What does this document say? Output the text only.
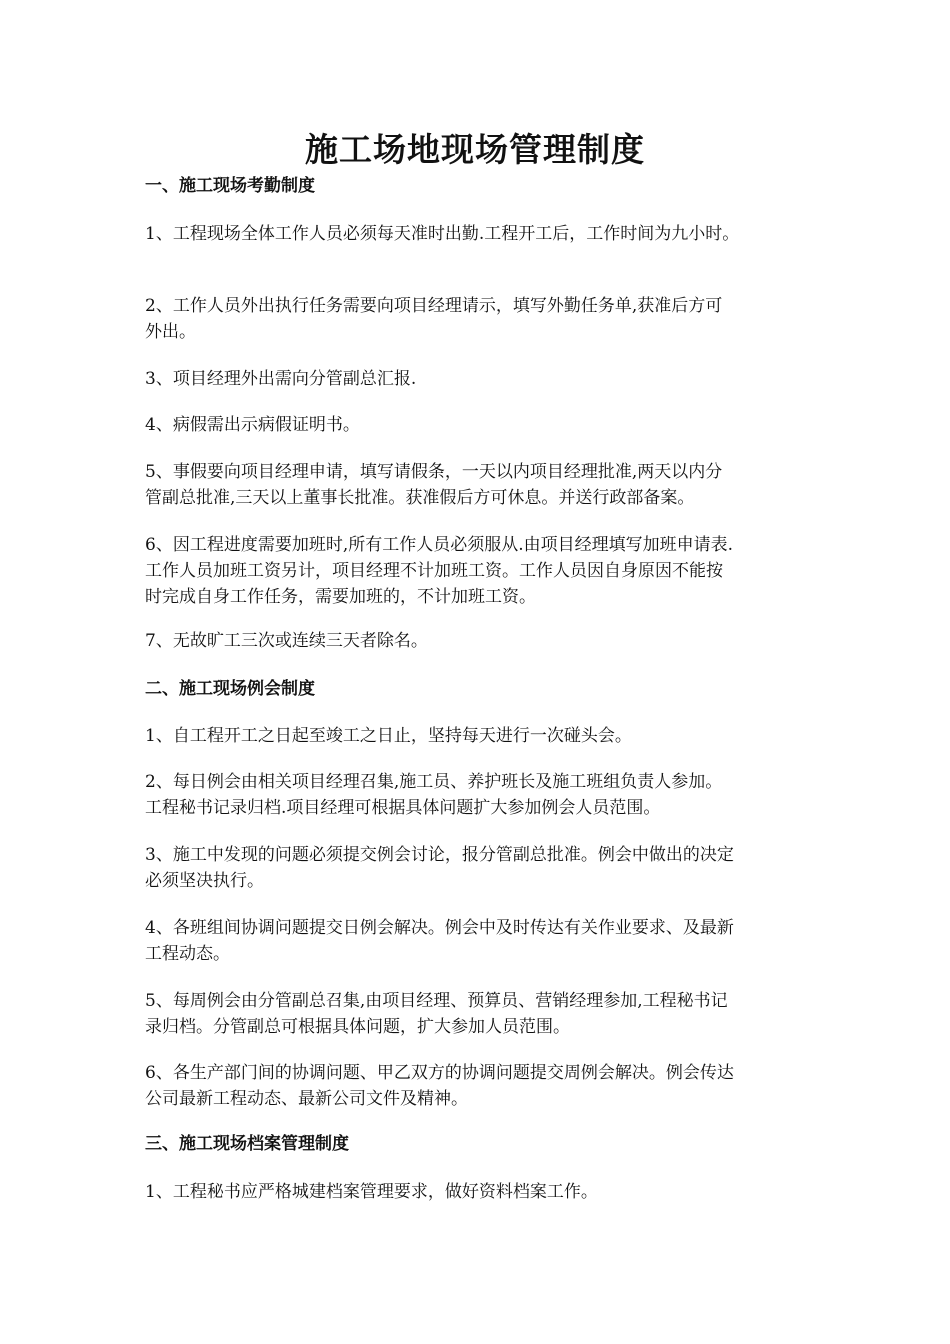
施工场地现场管理制度
一、施工现场考勤制度
1、工程现场全体工作人员必须每天准时出勤.工程开工后，工作时间为九小时。
2、工作人员外出执行任务需要向项目经理请示，填写外勤任务单,获准后方可
外出。
3、项目经理外出需向分管副总汇报.
4、病假需出示病假证明书。
5、事假要向项目经理申请，填写请假条，一天以内项目经理批准,两天以内分
管副总批准,三天以上董事长批准。获准假后方可休息。并送行政部备案。
6、因工程进度需要加班时,所有工作人员必须服从.由项目经理填写加班申请表.
工作人员加班工资另计，项目经理不计加班工资。工作人员因自身原因不能按
时完成自身工作任务，需要加班的，不计加班工资。
7、无故旷工三次或连续三天者除名。
二、施工现场例会制度
1、自工程开工之日起至竣工之日止，坚持每天进行一次碰头会。
2、每日例会由相关项目经理召集,施工员、养护班长及施工班组负责人参加。
工程秘书记录归档.项目经理可根据具体问题扩大参加例会人员范围。
3、施工中发现的问题必须提交例会讨论，报分管副总批准。例会中做出的决定
必须坚决执行。
4、各班组间协调问题提交日例会解决。例会中及时传达有关作业要求、及最新
工程动态。
5、每周例会由分管副总召集,由项目经理、预算员、营销经理参加,工程秘书记
录归档。分管副总可根据具体问题，扩大参加人员范围。
6、各生产部门间的协调问题、甲乙双方的协调问题提交周例会解决。例会传达
公司最新工程动态、最新公司文件及精神。
三、施工现场档案管理制度
1、工程秘书应严格城建档案管理要求，做好资料档案工作。
